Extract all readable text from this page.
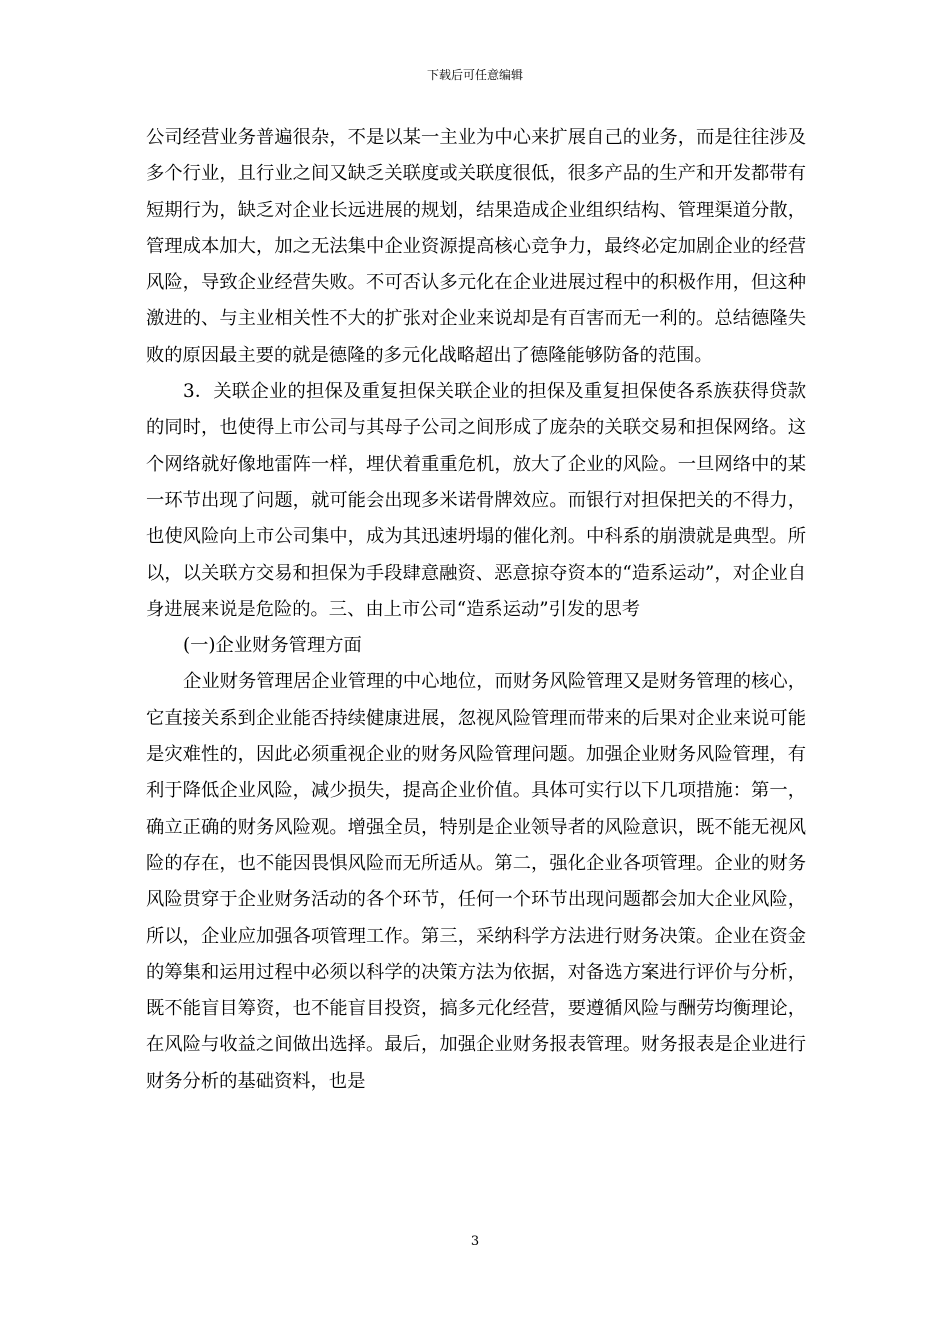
下载后可任意编辑

公司经营业务普遍很杂，不是以某一主业为中心来扩展自己的业务，而是往往涉及多个行业，且行业之间又缺乏关联度或关联度很低，很多产品的生产和开发都带有短期行为，缺乏对企业长远进展的规划，结果造成企业组织结构、管理渠道分散，管理成本加大，加之无法集中企业资源提高核心竞争力，最终必定加剧企业的经营风险，导致企业经营失败。不可否认多元化在企业进展过程中的积极作用，但这种激进的、与主业相关性不大的扩张对企业来说却是有百害而无一利的。总结德隆失败的原因最主要的就是德隆的多元化战略超出了德隆能够防备的范围。

3．关联企业的担保及重复担保关联企业的担保及重复担保使各系族获得贷款的同时，也使得上市公司与其母子公司之间形成了庞杂的关联交易和担保网络。这个网络就好像地雷阵一样，埋伏着重重危机，放大了企业的风险。一旦网络中的某一环节出现了问题，就可能会出现多米诺骨牌效应。而银行对担保把关的不得力，也使风险向上市公司集中，成为其迅速坍塌的催化剂。中科系的崩溃就是典型。所以，以关联方交易和担保为手段肆意融资、恶意掠夺资本的“造系运动”，对企业自身进展来说是危险的。三、由上市公司“造系运动”引发的思考

(一)企业财务管理方面

企业财务管理居企业管理的中心地位，而财务风险管理又是财务管理的核心，它直接关系到企业能否持续健康进展，忽视风险管理而带来的后果对企业来说可能是灾难性的，因此必须重视企业的财务风险管理问题。加强企业财务风险管理，有利于降低企业风险，减少损失，提高企业价值。具体可实行以下几项措施：第一，确立正确的财务风险观。增强全员，特别是企业领导者的风险意识，既不能无视风险的存在，也不能因畏惧风险而无所适从。第二，强化企业各项管理。企业的财务风险贯穿于企业财务活动的各个环节，任何一个环节出现问题都会加大企业风险，所以，企业应加强各项管理工作。第三，采纳科学方法进行财务决策。企业在资金的筹集和运用过程中必须以科学的决策方法为依据，对备选方案进行评价与分析，既不能盲目筹资，也不能盲目投资，搞多元化经营，要遵循风险与酬劳均衡理论，在风险与收益之间做出选择。最后，加强企业财务报表管理。财务报表是企业进行财务分析的基础资料，也是

3
